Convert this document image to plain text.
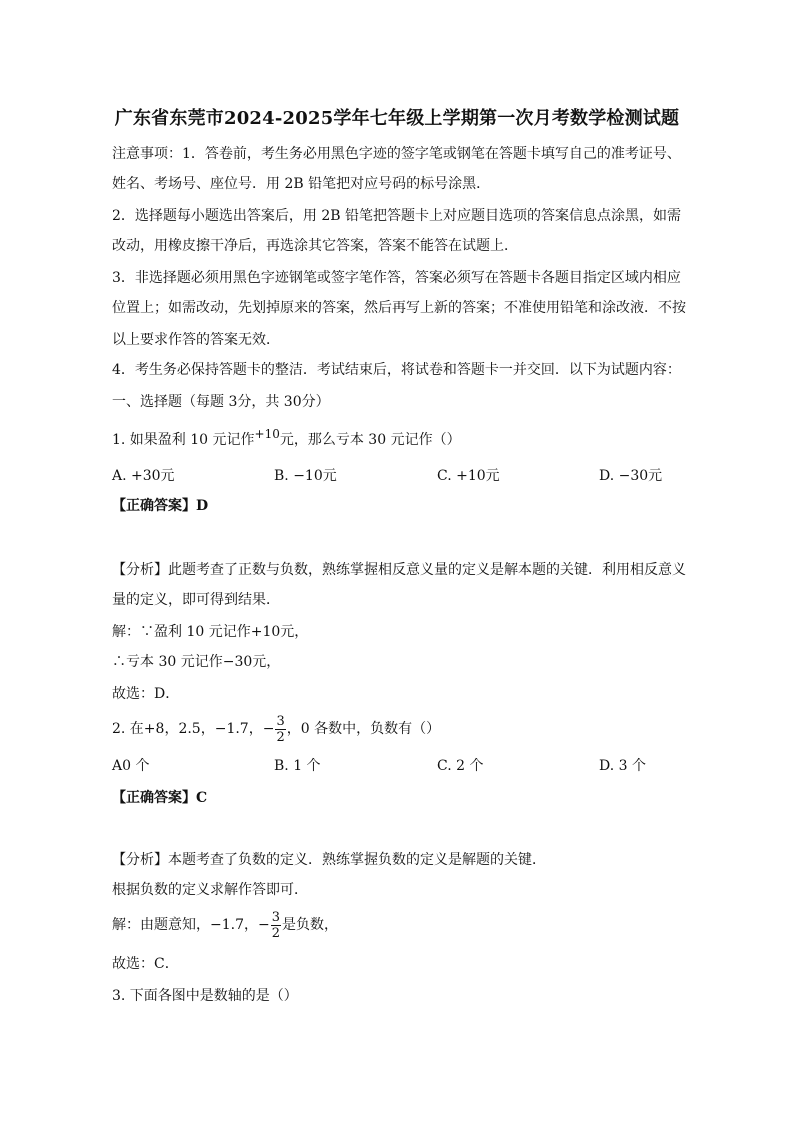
广东省东莞市2024-2025学年七年级上学期第一次月考数学检测试题
注意事项：1．答卷前，考生务必用黑色字迹的签字笔或钢笔在答题卡填写自己的准考证号、
姓名、考场号、座位号．用 2B 铅笔把对应号码的标号涂黑．
2．选择题每小题选出答案后，用 2B 铅笔把答题卡上对应题目选项的答案信息点涂黑，如需
改动，用橡皮擦干净后，再选涂其它答案，答案不能答在试题上．
3．非选择题必须用黑色字迹钢笔或签字笔作答，答案必须写在答题卡各题目指定区域内相应
位置上；如需改动，先划掉原来的答案，然后再写上新的答案；不准使用铅笔和涂改液．不按
以上要求作答的答案无效．
4．考生务必保持答题卡的整洁．考试结束后，将试卷和答题卡一并交回．以下为试题内容：
一、选择题（每题 3分，共 30分）
1. 如果盈利 10 元记作+10元，那么亏本 30 元记作（）
A. +30元	B. −10元	C. +10元	D. −30元
【正确答案】D
【分析】此题考查了正数与负数，熟练掌握相反意义量的定义是解本题的关键．利用相反意义
量的定义，即可得到结果．
解：∵盈利 10 元记作+10元，
∴亏本 30 元记作−30元，
故选：D．
2. 在+8，2.5，−1.7，− $\frac{3}{2}$ ，0 各数中，负数有（）
A0 个	B. 1 个	C. 2 个	D. 3 个
【正确答案】C
【分析】本题考查了负数的定义．熟练掌握负数的定义是解题的关键．
根据负数的定义求解作答即可．
解：由题意知，−1.7，− $\frac{3}{2}$ 是负数，
故选：C．
3. 下面各图中是数轴的是（）
